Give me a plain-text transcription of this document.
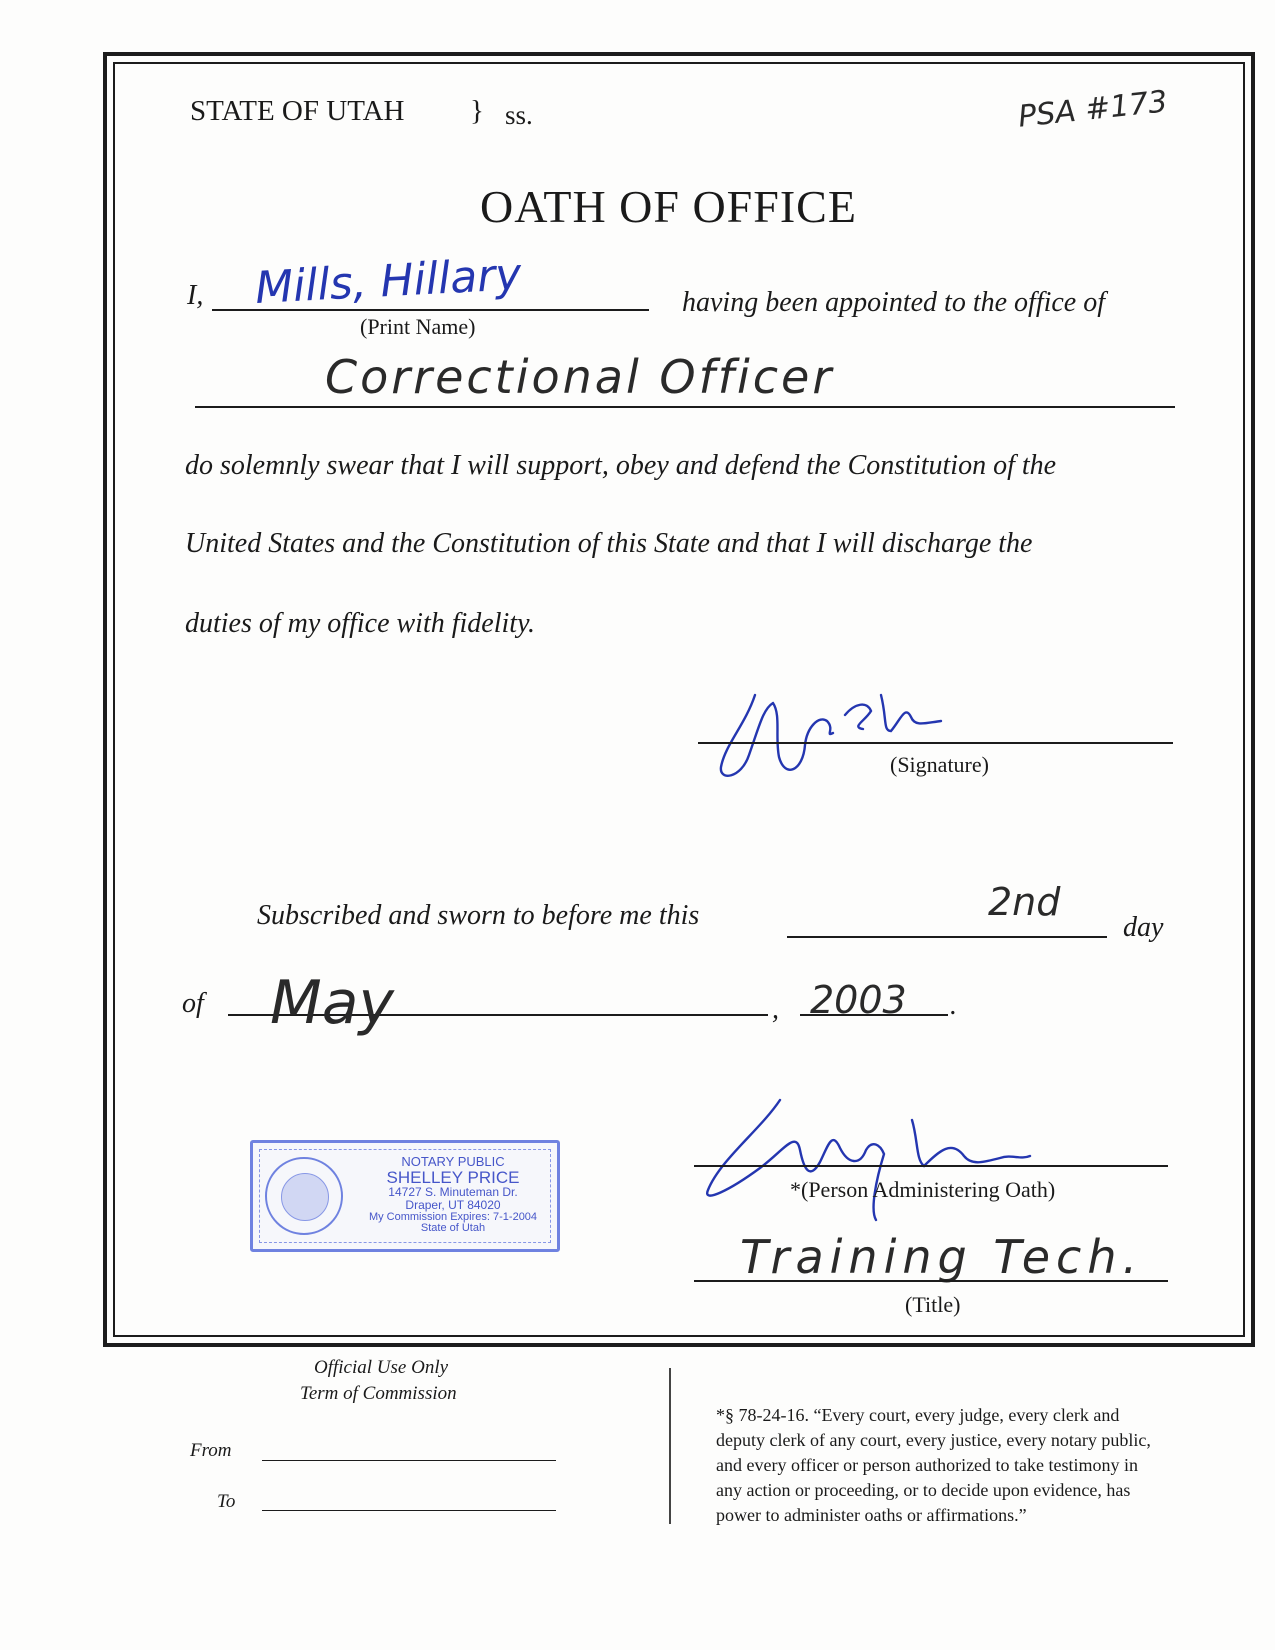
STATE OF UTAH } ss.	PSA #173
OATH OF OFFICE
I, Mills, Hillary
(Print Name)
having been appointed to the office of
Correctional Officer
do solemnly swear that I will support, obey and defend the Constitution of the
United States and the Constitution of this State and that I will discharge the
duties of my office with fidelity.
(Signature)
Subscribed and sworn to before me this	2nd
day
of May	, 2003 .
NOTARY PUBLIC
SHELLEY PRICE
14727 S. Minuteman Dr.
Draper, UT 84020
My Commission Expires: 7-1-2004
State of Utah
*(Person Administering Oath)
Training Tech.
(Title)
Official Use Only
Term of Commission
From
To
*§ 78-24-16. “Every court, every judge, every clerk and
deputy clerk of any court, every justice, every notary public,
and every officer or person authorized to take testimony in
any action or proceeding, or to decide upon evidence, has
power to administer oaths or affirmations.”
